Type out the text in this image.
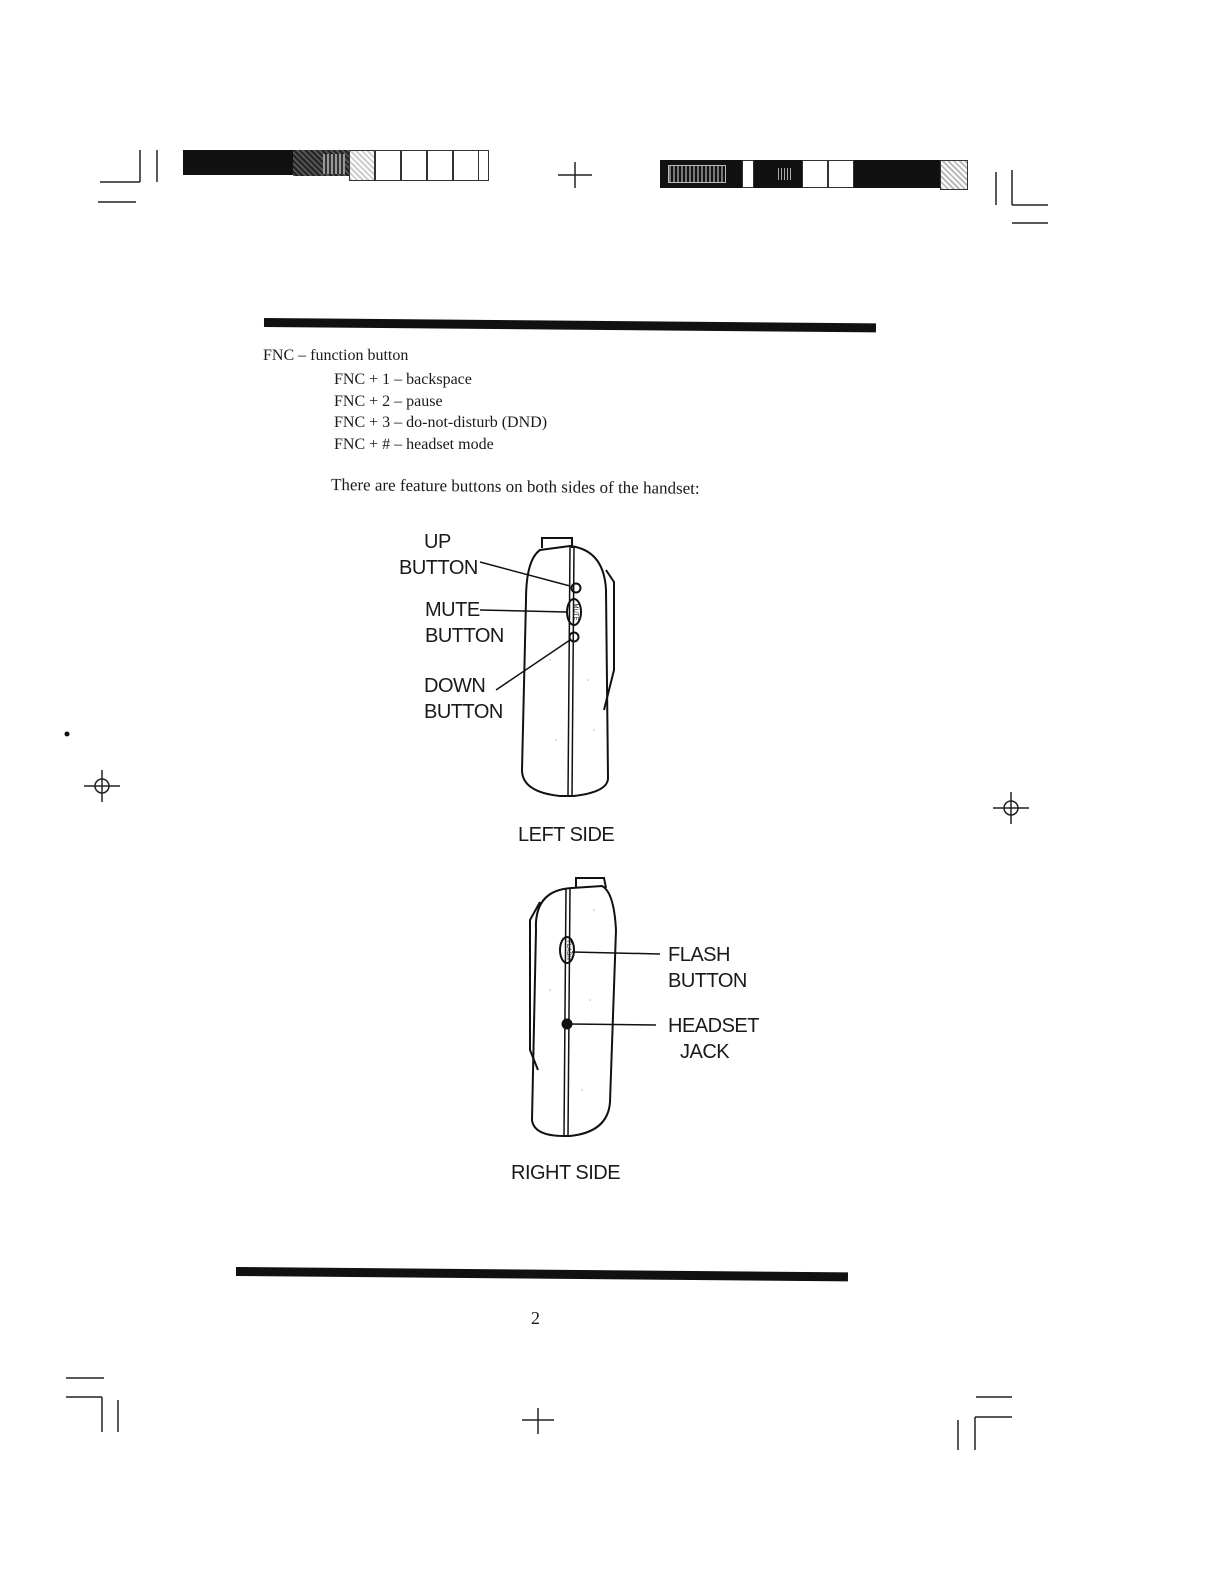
FNC – function button
FNC + 1 – backspace
FNC + 2 – pause
FNC + 3 – do-not-disturb (DND)
FNC + # – headset mode
There are feature buttons on both sides of the handset:
MUTE
UP
BUTTON
MUTE
BUTTON
DOWN
BUTTON
LEFT SIDE
FLASH	FLASH
BUTTON
HEADSET
JACK
RIGHT SIDE
2
